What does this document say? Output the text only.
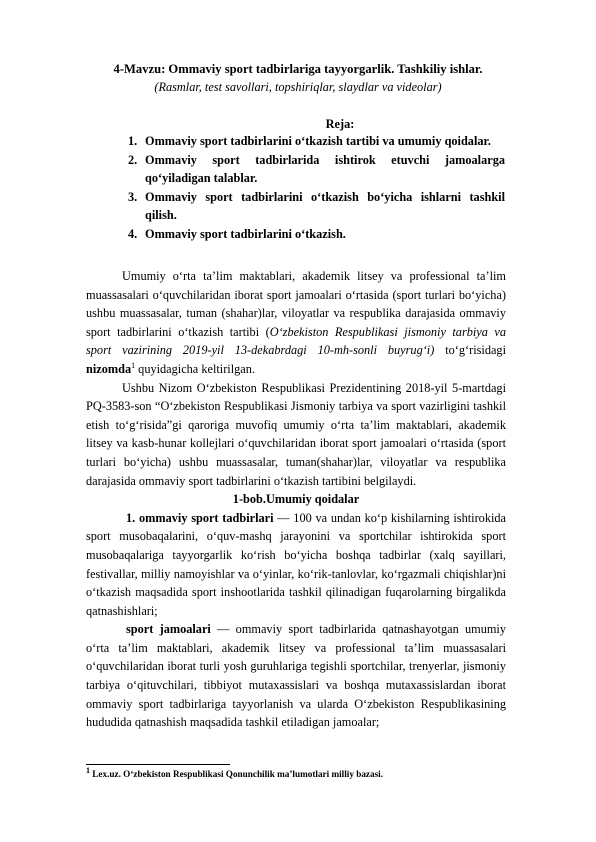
4-Mavzu: Ommaviy sport tadbirlariga tayyorgarlik. Tashkiliy ishlar.
(Rasmlar, test savollari, topshiriqlar, slaydlar va videolar)
Reja:
1. Ommaviy sport tadbirlarini o‘tkazish tartibi va umumiy qoidalar.
2. Ommaviy sport tadbirlarida ishtirok etuvchi jamoalarga
qo‘yiladigan talablar.
3. Ommaviy sport tadbirlarini o‘tkazish bo‘yicha ishlarni tashkil
qilish.
4. Ommaviy sport tadbirlarini o‘tkazish.

Umumiy o‘rta ta’lim maktablari, akademik litsey va professional ta’lim muassasalari o‘quvchilaridan iborat sport jamoalari o‘rtasida (sport turlari bo‘yicha) ushbu muassasalar, tuman (shahar)lar, viloyatlar va respublika darajasida ommaviy sport tadbirlarini o‘tkazish tartibi (O‘zbekiston Respublikasi jismoniy tarbiya va sport vazirining 2019-yil 13-dekabrdagi 10-mh-sonli buyrug‘i) to‘g‘risidagi nizomda$^1$ quyidagicha keltirilgan.

Ushbu Nizom O‘zbekiston Respublikasi Prezidentining 2018-yil 5-martdagi PQ-3583-son “O‘zbekiston Respublikasi Jismoniy tarbiya va sport vazirligini tashkil etish to‘g‘risida”gi qaroriga muvofiq umumiy o‘rta ta’lim maktablari, akademik litsey va kasb-hunar kollejlari o‘quvchilaridan iborat sport jamoalari o‘rtasida (sport turlari bo‘yicha) ushbu muassasalar, tuman(shahar)lar, viloyatlar va respublika darajasida ommaviy sport tadbirlarini o‘tkazish tartibini belgilaydi.

1-bob.Umumiy qoidalar

1. ommaviy sport tadbirlari — 100 va undan ko‘p kishilarning ishtirokida sport musobaqalarini, o‘quv-mashq jarayonini va sportchilar ishtirokida sport musobaqalariga tayyorgarlik ko‘rish bo‘yicha boshqa tadbirlar (xalq sayillari, festivallar, milliy namoyishlar va o‘yinlar, ko‘rik-tanlovlar, ko‘rgazmali chiqishlar)ni o‘tkazish maqsadida sport inshootlarida tashkil qilinadigan fuqarolarning birgalikda qatnashishlari;

sport jamoalari — ommaviy sport tadbirlarida qatnashayotgan umumiy o‘rta ta’lim maktablari, akademik litsey va professional ta’lim muassasalari o‘quvchilaridan iborat turli yosh guruhlariga tegishli sportchilar, trenyerlar, jismoniy tarbiya o‘qituvchilari, tibbiyot mutaxassislari va boshqa mutaxassislardan iborat ommaviy sport tadbirlariga tayyorlanish va ularda O‘zbekiston Respublikasining hududida qatnashish maqsadida tashkil etiladigan jamoalar;

$^1$ Lex.uz. O‘zbekiston Respublikasi Qonunchilik ma’lumotlari milliy bazasi.
